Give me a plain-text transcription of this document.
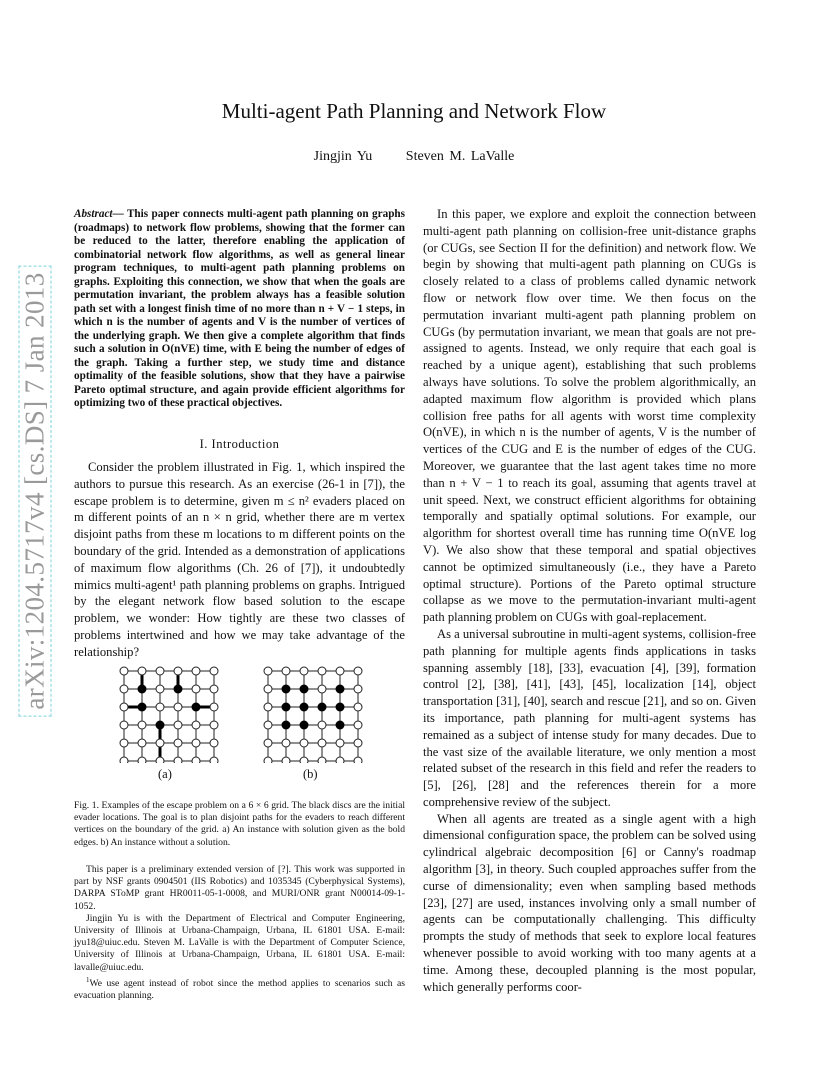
Multi-agent Path Planning and Network Flow
Jingjin Yu Steven M. LaValle
arXiv:1204.5717v4 [cs.DS] 7 Jan 2013
Abstract— This paper connects multi-agent path planning on graphs (roadmaps) to network flow problems, showing that the former can be reduced to the latter, therefore enabling the application of combinatorial network flow algorithms, as well as general linear program techniques, to multi-agent path planning problems on graphs. Exploiting this connection, we show that when the goals are permutation invariant, the problem always has a feasible solution path set with a longest finish time of no more than n + V − 1 steps, in which n is the number of agents and V is the number of vertices of the underlying graph. We then give a complete algorithm that finds such a solution in O(nVE) time, with E being the number of edges of the graph. Taking a further step, we study time and distance optimality of the feasible solutions, show that they have a pairwise Pareto optimal structure, and again provide efficient algorithms for optimizing two of these practical objectives.
I. Introduction

Consider the problem illustrated in Fig. 1, which inspired the authors to pursue this research. As an exercise (26-1 in [7]), the escape problem is to determine, given m ≤ n² evaders placed on m different points of an n × n grid, whether there are m vertex disjoint paths from these m locations to m different points on the boundary of the grid. Intended as a demonstration of applications of maximum flow algorithms (Ch. 26 of [7]), it undoubtedly mimics multi-agent¹ path planning problems on graphs. Intrigued by the elegant network flow based solution to the escape problem, we wonder: How tightly are these two classes of problems intertwined and how we may take advantage of the relationship?

(a)	(b)
Fig. 1. Examples of the escape problem on a 6 × 6 grid. The black discs are the initial evader locations. The goal is to plan disjoint paths for the evaders to reach different vertices on the boundary of the grid. a) An instance with solution given as the bold edges. b) An instance without a solution.

This paper is a preliminary extended version of [?]. This work was supported in part by NSF grants 0904501 (IIS Robotics) and 1035345 (Cyberphysical Systems), DARPA SToMP grant HR0011-05-1-0008, and MURI/ONR grant N00014-09-1-1052.

Jingjin Yu is with the Department of Electrical and Computer Engineering, University of Illinois at Urbana-Champaign, Urbana, IL 61801 USA. E-mail: jyu18@uiuc.edu. Steven M. LaValle is with the Department of Computer Science, University of Illinois at Urbana-Champaign, Urbana, IL 61801 USA. E-mail: lavalle@uiuc.edu.

$^1$We use agent instead of robot since the method applies to scenarios such as evacuation planning.

In this paper, we explore and exploit the connection between multi-agent path planning on collision-free unit-distance graphs (or CUGs, see Section II for the definition) and network flow. We begin by showing that multi-agent path planning on CUGs is closely related to a class of problems called dynamic network flow or network flow over time. We then focus on the permutation invariant multi-agent path planning problem on CUGs (by permutation invariant, we mean that goals are not pre-assigned to agents. Instead, we only require that each goal is reached by a unique agent), establishing that such problems always have solutions. To solve the problem algorithmically, an adapted maximum flow algorithm is provided which plans collision free paths for all agents with worst time complexity O(nVE), in which n is the number of agents, V is the number of vertices of the CUG and E is the number of edges of the CUG. Moreover, we guarantee that the last agent takes time no more than n + V − 1 to reach its goal, assuming that agents travel at unit speed. Next, we construct efficient algorithms for obtaining temporally and spatially optimal solutions. For example, our algorithm for shortest overall time has running time O(nVE log V). We also show that these temporal and spatial objectives cannot be optimized simultaneously (i.e., they have a Pareto optimal structure). Portions of the Pareto optimal structure collapse as we move to the permutation-invariant multi-agent path planning problem on CUGs with goal-replacement.

As a universal subroutine in multi-agent systems, collision-free path planning for multiple agents finds applications in tasks spanning assembly [18], [33], evacuation [4], [39], formation control [2], [38], [41], [43], [45], localization [14], object transportation [31], [40], search and rescue [21], and so on. Given its importance, path planning for multi-agent systems has remained as a subject of intense study for many decades. Due to the vast size of the available literature, we only mention a most related subset of the research in this field and refer the readers to [5], [26], [28] and the references therein for a more comprehensive review of the subject.

When all agents are treated as a single agent with a high dimensional configuration space, the problem can be solved using cylindrical algebraic decomposition [6] or Canny's roadmap algorithm [3], in theory. Such coupled approaches suffer from the curse of dimensionality; even when sampling based methods [23], [27] are used, instances involving only a small number of agents can be computationally challenging. This difficulty prompts the study of methods that seek to explore local features whenever possible to avoid working with too many agents at a time. Among these, decoupled planning is the most popular, which generally performs coor-
